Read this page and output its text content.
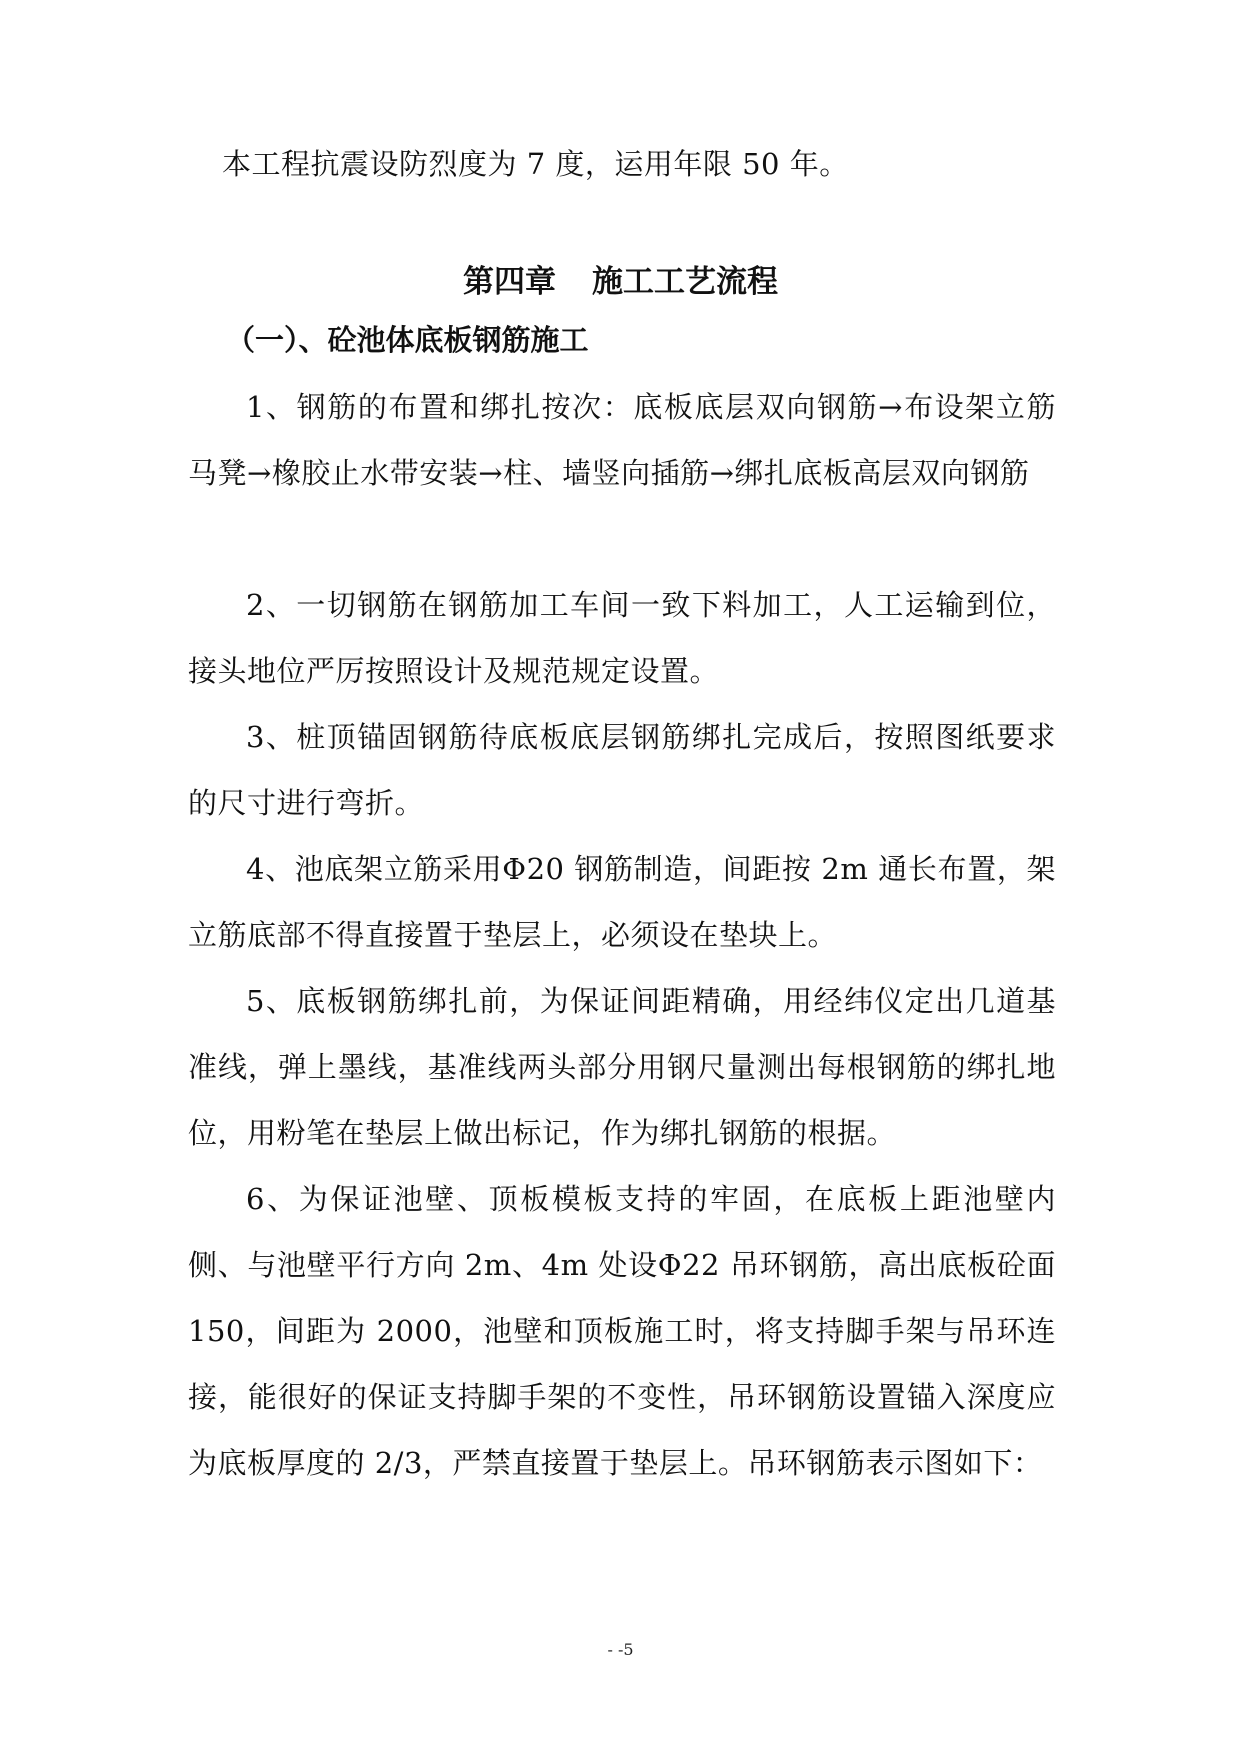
本工程抗震设防烈度为 7 度，运用年限 50 年。
第四章 施工工艺流程
（一）、砼池体底板钢筋施工
1、钢筋的布置和绑扎按次：底板底层双向钢筋→布设架立筋马凳→橡胶止水带安装→柱、墙竖向插筋→绑扎底板高层双向钢筋
2、一切钢筋在钢筋加工车间一致下料加工，人工运输到位，接头地位严厉按照设计及规范规定设置。
3、桩顶锚固钢筋待底板底层钢筋绑扎完成后，按照图纸要求的尺寸进行弯折。
4、池底架立筋采用Φ20 钢筋制造，间距按 2m 通长布置，架立筋底部不得直接置于垫层上，必须设在垫块上。
5、底板钢筋绑扎前，为保证间距精确，用经纬仪定出几道基准线，弹上墨线，基准线两头部分用钢尺量测出每根钢筋的绑扎地位，用粉笔在垫层上做出标记，作为绑扎钢筋的根据。
6、为保证池壁、顶板模板支持的牢固，在底板上距池壁内侧、与池壁平行方向 2m、4m 处设Φ22 吊环钢筋，高出底板砼面 150，间距为 2000，池壁和顶板施工时，将支持脚手架与吊环连接，能很好的保证支持脚手架的不变性，吊环钢筋设置锚入深度应为底板厚度的 2/3，严禁直接置于垫层上。吊环钢筋表示图如下：
- -5
